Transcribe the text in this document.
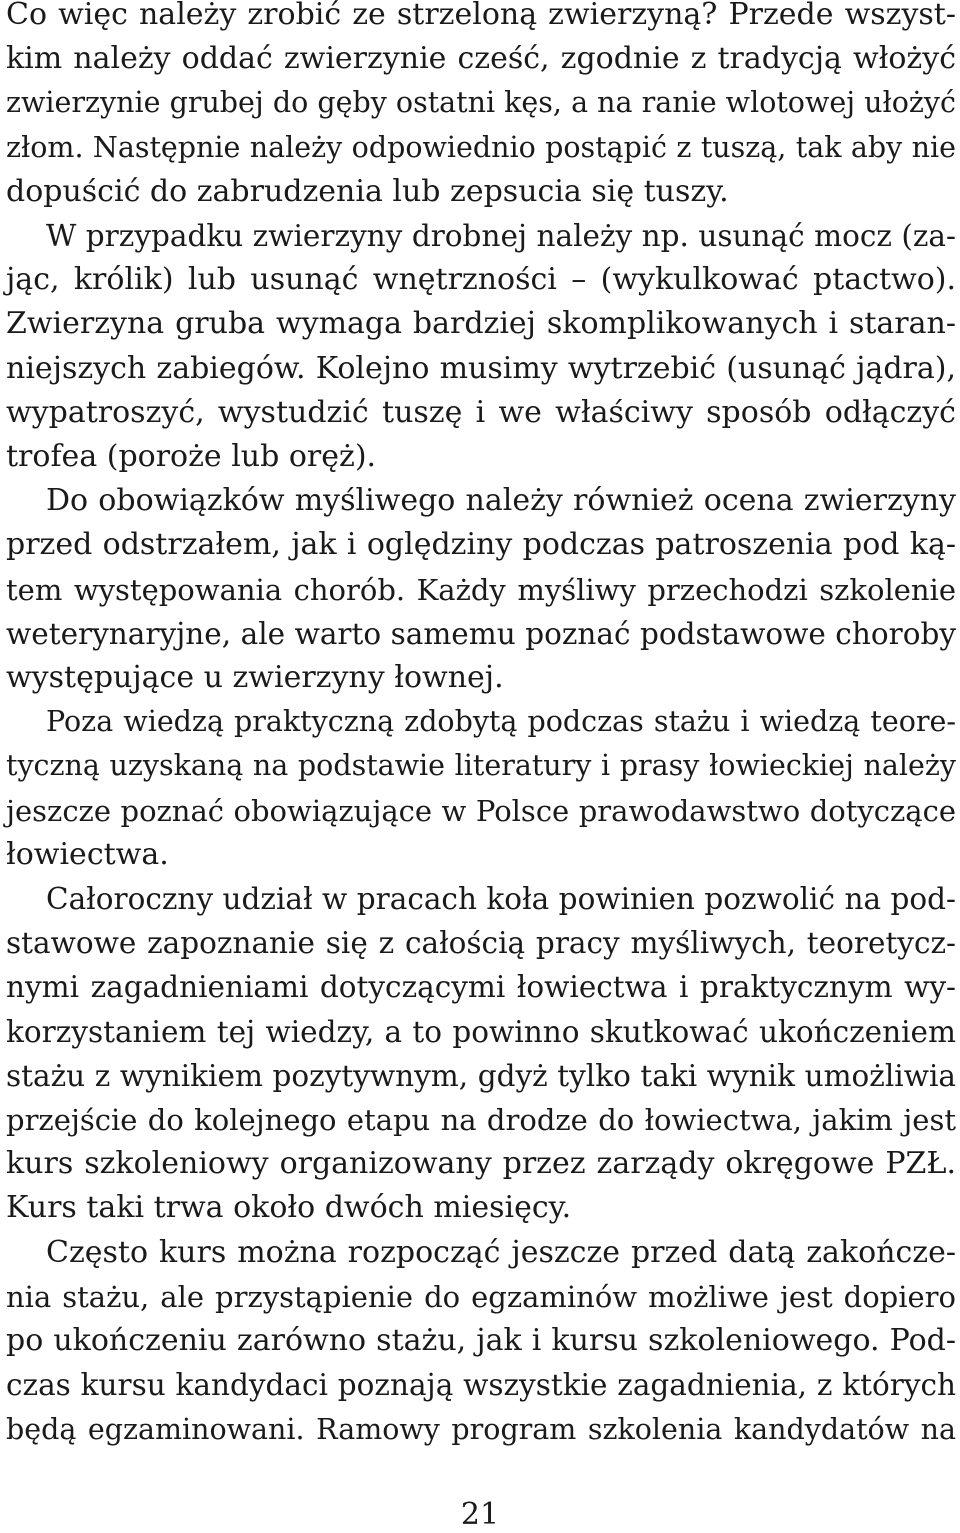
Co więc należy zrobić ze strzeloną zwierzyną? Przede wszyst-
kim należy oddać zwierzynie cześć, zgodnie z tradycją włożyć
zwierzynie grubej do gęby ostatni kęs, a na ranie wlotowej ułożyć
złom. Następnie należy odpowiednio postąpić z tuszą, tak aby nie
dopuścić do zabrudzenia lub zepsucia się tuszy.
W przypadku zwierzyny drobnej należy np. usunąć mocz (za-
jąc, królik) lub usunąć wnętrzności – (wykulkować ptactwo).
Zwierzyna gruba wymaga bardziej skomplikowanych i staran-
niejszych zabiegów. Kolejno musimy wytrzebić (usunąć jądra),
wypatroszyć, wystudzić tuszę i we właściwy sposób odłączyć
trofea (poroże lub oręż).
Do obowiązków myśliwego należy również ocena zwierzyny
przed odstrzałem, jak i oględziny podczas patroszenia pod ką-
tem występowania chorób. Każdy myśliwy przechodzi szkolenie
weterynaryjne, ale warto samemu poznać podstawowe choroby
występujące u zwierzyny łownej.
Poza wiedzą praktyczną zdobytą podczas stażu i wiedzą teore-
tyczną uzyskaną na podstawie literatury i prasy łowieckiej należy
jeszcze poznać obowiązujące w Polsce prawodawstwo dotyczące
łowiectwa.
Całoroczny udział w pracach koła powinien pozwolić na pod-
stawowe zapoznanie się z całością pracy myśliwych, teoretycz-
nymi zagadnieniami dotyczącymi łowiectwa i praktycznym wy-
korzystaniem tej wiedzy, a to powinno skutkować ukończeniem
stażu z wynikiem pozytywnym, gdyż tylko taki wynik umożliwia
przejście do kolejnego etapu na drodze do łowiectwa, jakim jest
kurs szkoleniowy organizowany przez zarządy okręgowe PZŁ.
Kurs taki trwa około dwóch miesięcy.
Często kurs można rozpocząć jeszcze przed datą zakończe-
nia stażu, ale przystąpienie do egzaminów możliwe jest dopiero
po ukończeniu zarówno stażu, jak i kursu szkoleniowego. Pod-
czas kursu kandydaci poznają wszystkie zagadnienia, z których
będą egzaminowani. Ramowy program szkolenia kandydatów na
21
